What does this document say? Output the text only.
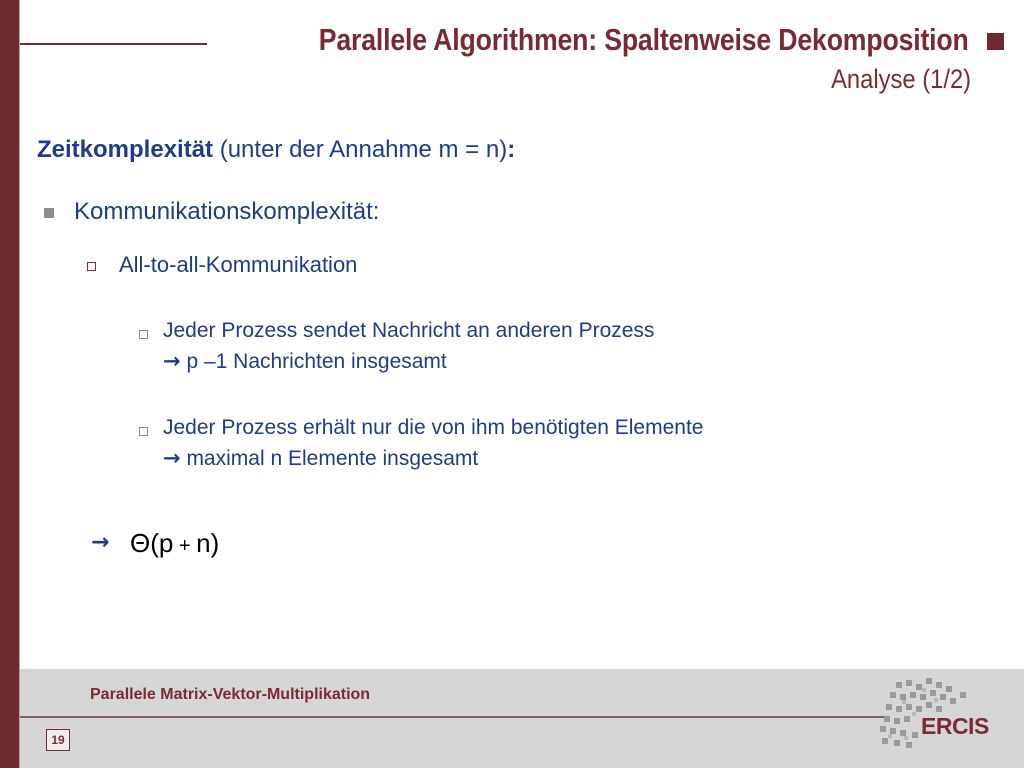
Parallele Algorithmen: Spaltenweise Dekomposition
Analyse (1/2)
Zeitkomplexität (unter der Annahme m = n):
Kommunikationskomplexität:
All-to-all-Kommunikation
Jeder Prozess sendet Nachricht an anderen Prozess
→ p –1 Nachrichten insgesamt
Jeder Prozess erhält nur die von ihm benötigten Elemente
→ maximal n Elemente insgesamt
→ Θ(p + n)
Parallele Matrix-Vektor-Multiplikation
19
ERCIS
